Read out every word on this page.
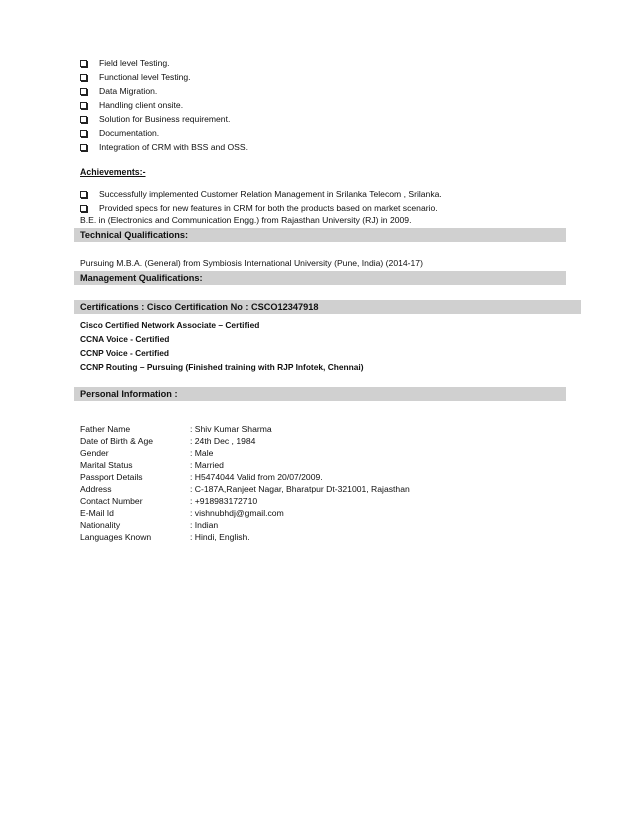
Field level Testing.
Functional level Testing.
Data Migration.
Handling client onsite.
Solution for Business requirement.
Documentation.
Integration of CRM with BSS and OSS.
Achievements:-
Successfully implemented Customer Relation Management in Srilanka Telecom , Srilanka.
Provided specs for new features in CRM for both the products based on market scenario.
B.E. in (Electronics and Communication Engg.) from Rajasthan University (RJ) in 2009.
Technical Qualifications:
Pursuing M.B.A. (General) from Symbiosis International University (Pune, India) (2014-17)
Management Qualifications:
Certifications : Cisco Certification No : CSCO12347918
Cisco Certified Network Associate – Certified
CCNA Voice - Certified
CCNP Voice - Certified
CCNP Routing – Pursuing (Finished training with RJP Infotek, Chennai)
Personal Information :
Father Name	: Shiv Kumar Sharma
Date of Birth & Age	: 24th Dec , 1984
Gender	: Male
Marital Status	: Married
Passport Details	: H5474044 Valid from 20/07/2009.
Address	: C-187A,Ranjeet Nagar, Bharatpur Dt-321001, Rajasthan
Contact Number	: +918983172710
E-Mail Id	: vishnubhdj@gmail.com
Nationality	: Indian
Languages Known	: Hindi, English.
